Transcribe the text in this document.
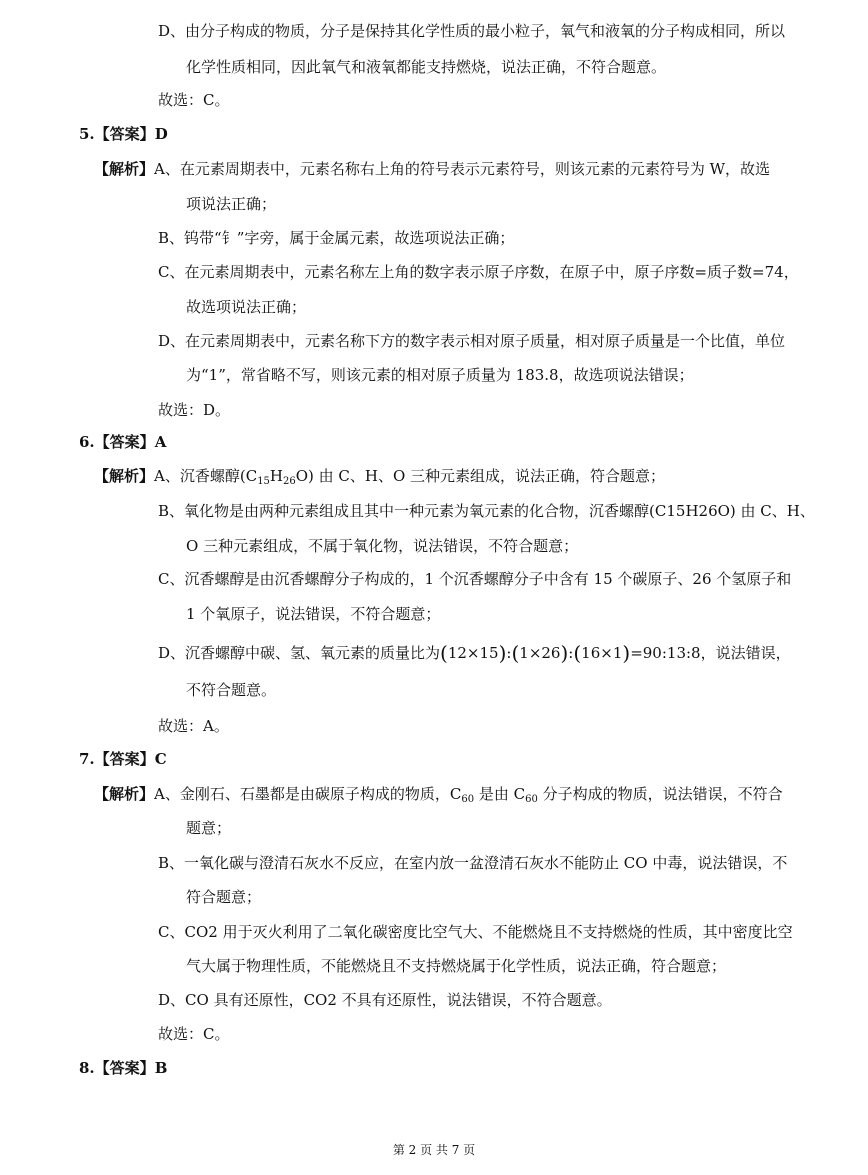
D、由分子构成的物质，分子是保持其化学性质的最小粒子，氧气和液氧的分子构成相同，所以
化学性质相同，因此氧气和液氧都能支持燃烧，说法正确，不符合题意。
故选：C。
5.【答案】D
【解析】A、在元素周期表中，元素名称右上角的符号表示元素符号，则该元素的元素符号为 W，故选
项说法正确；
B、钨带“钅”字旁，属于金属元素，故选项说法正确；
C、在元素周期表中，元素名称左上角的数字表示原子序数，在原子中，原子序数=质子数=74，
故选项说法正确；
D、在元素周期表中，元素名称下方的数字表示相对原子质量，相对原子质量是一个比值，单位
为“1”，常省略不写，则该元素的相对原子质量为 183.8，故选项说法错误；
故选：D。
6.【答案】A
【解析】A、沉香螺醇$(C_{15}H_{26}O)$ 由 C、H、O 三种元素组成，说法正确，符合题意；
B、氧化物是由两种元素组成且其中一种元素为氧元素的化合物，沉香螺醇(C15H26O) 由 C、H、
O 三种元素组成，不属于氧化物，说法错误，不符合题意；
C、沉香螺醇是由沉香螺醇分子构成的，1 个沉香螺醇分子中含有 15 个碳原子、26 个氢原子和
1 个氧原子，说法错误，不符合题意；
D、沉香螺醇中碳、氢、氧元素的质量比为(12×15):(1×26):(16×1)=90:13:8，说法错误，
不符合题意。
故选：A。
7.【答案】C
【解析】A、金刚石、石墨都是由碳原子构成的物质，$C_{60}$ 是由 $C_{60}$ 分子构成的物质，说法错误，不符合
题意；
B、一氧化碳与澄清石灰水不反应，在室内放一盆澄清石灰水不能防止 CO 中毒，说法错误，不
符合题意；
C、CO2 用于灭火利用了二氧化碳密度比空气大、不能燃烧且不支持燃烧的性质，其中密度比空
气大属于物理性质，不能燃烧且不支持燃烧属于化学性质，说法正确，符合题意；
D、CO 具有还原性，CO2 不具有还原性，说法错误，不符合题意。
故选：C。
8.【答案】B
第 2 页 共 7 页
